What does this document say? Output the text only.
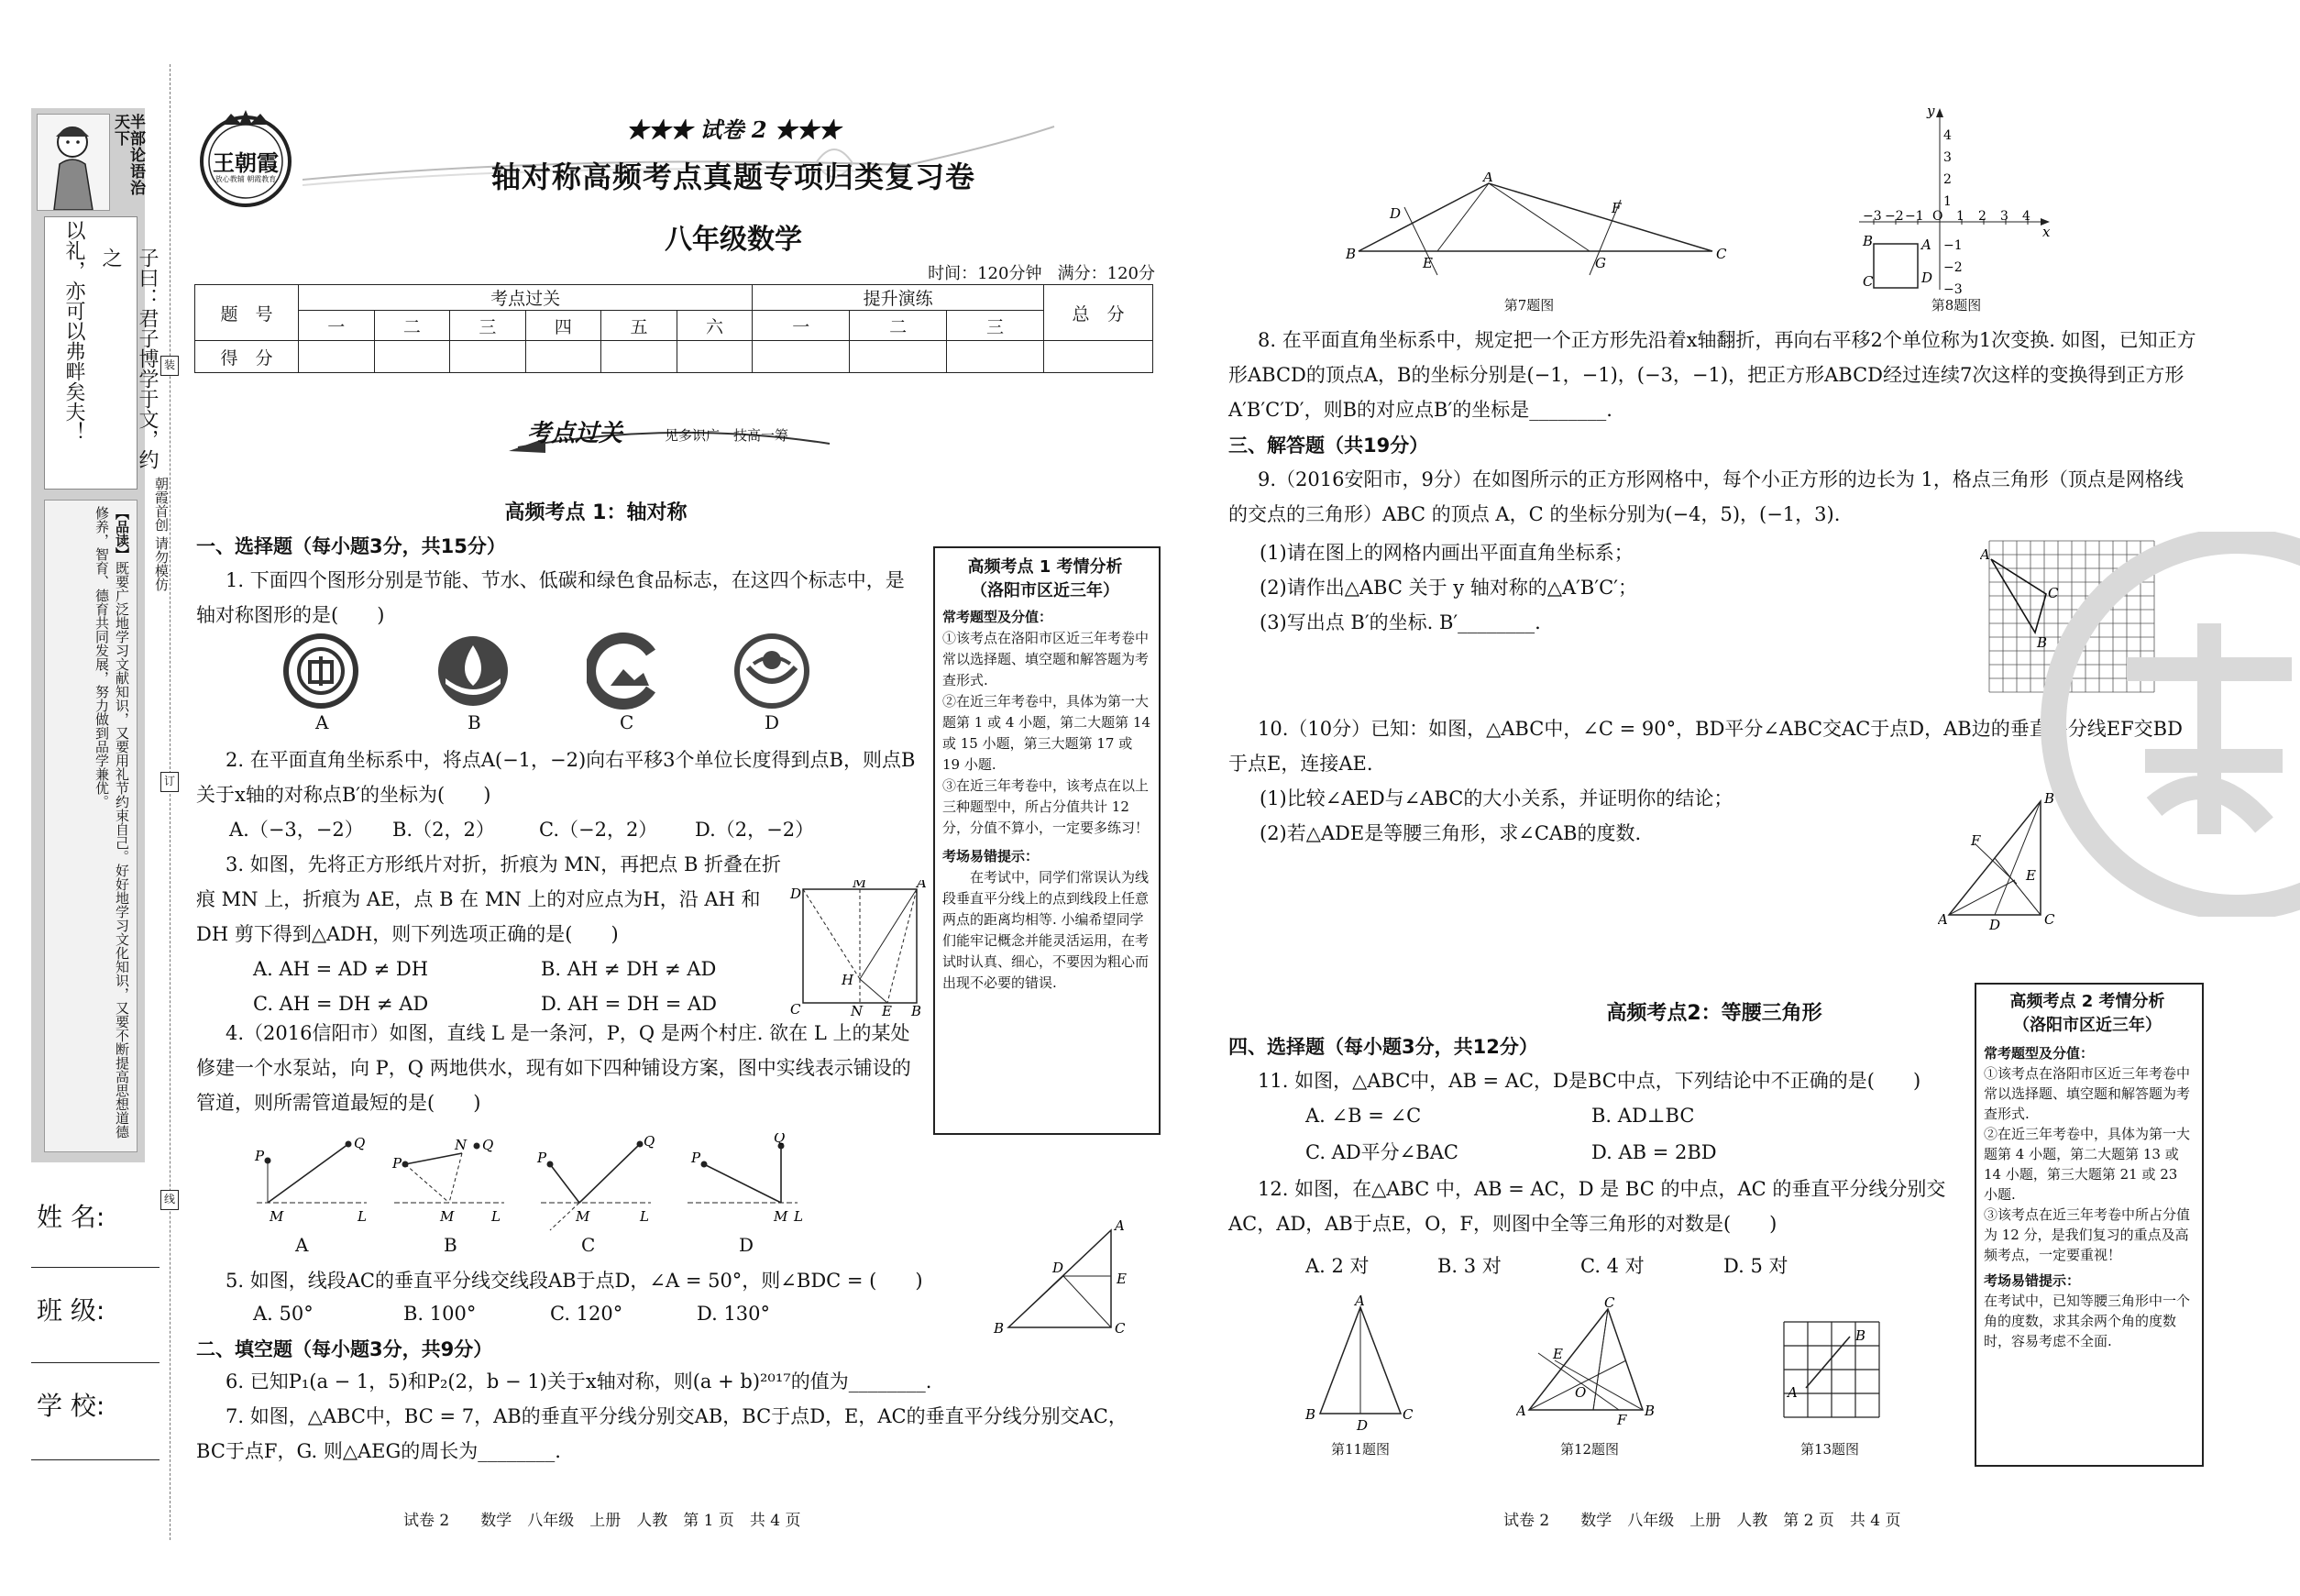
半部论语治天下
子曰：君子博学于文，约之
以礼，亦可以弗畔矣夫！
【品读】既要广泛地学习文献知识，又要用礼节约束自己。好好地学习文化知识，又要不断提高思想道德修养，智育、德育共同发展，努力做到品学兼优。
装
订
线
朝霞首创 请勿模仿
姓 名:
班 级:
学 校:
王朝霞
放心教辅 朝霞教育
★★★ 试卷 2 ★★★
轴对称高频考点真题专项归类复习卷
八年级数学
时间：120分钟   满分：120分
题　号	考点过关						提升演练			总　分
	一	二	三	四	五	六	一	二	三	
得　分										
考点过关	见多识广　技高一筹
高频考点 1：轴对称
一、选择题（每小题3分，共15分）
1. 下面四个图形分别是节能、节水、低碳和绿色食品标志，在这四个标志中，是轴对称图形的是(　　)
A	B	C	D
2. 在平面直角坐标系中，将点A(−1，−2)向右平移3个单位长度得到点B，则点B关于x轴的对称点B′的坐标为(　　)
A.（−3，−2） B.（2，2） C.（−2，2） D.（2，−2）
3. 如图，先将正方形纸片对折，折痕为 MN，再把点 B 折叠在折痕 MN 上，折痕为 AE，点 B 在 MN 上的对应点为H，沿 AH 和 DH 剪下得到△ADH，则下列选项正确的是(　　)
A. AH = AD ≠ DH	B. AH ≠ DH ≠ AD
C. AH = DH ≠ AD	D. AH = DH = AD
D
M	A
H
C	N E B
4.（2016信阳市）如图，直线 L 是一条河，P，Q 是两个村庄. 欲在 L 上的某处修建一个水泵站，向 P，Q 两地供水，现有如下四种铺设方案，图中实线表示铺设的管道，则所需管道最短的是(　　)
P
Q
M	L
P
Q
N
M	L
P
Q
M	L
P
Q
M L
A	B	C	D
5. 如图，线段AC的垂直平分线交线段AB于点D，∠A = 50°，则∠BDC = (　　)
A. 50°	B. 100°	C. 120°	D. 130°
A
D
E
B	C
二、填空题（每小题3分，共9分）
6. 已知P₁(a − 1，5)和P₂(2，b − 1)关于x轴对称，则(a + b)²⁰¹⁷的值为________.
7. 如图，△ABC中，BC = 7，AB的垂直平分线分别交AB，BC于点D，E，AC的垂直平分线分别交AC，BC于点F，G. 则△AEG的周长为________.
高频考点 1 考情分析
（洛阳市区近三年）
常考题型及分值：
①该考点在洛阳市区近三年考卷中常以选择题、填空题和解答题为考查形式.
②在近三年考卷中，具体为第一大题第 1 或 4 小题，第二大题第 14 或 15 小题，第三大题第 17 或 19 小题.
③在近三年考卷中，该考点在以上三种题型中，所占分值共计 12 分，分值不算小，一定要多练习！
考场易错提示：
在考试中，同学们常误认为线段垂直平分线上的点到线段上任意两点的距离均相等. 小编希望同学们能牢记概念并能灵活运用，在考试时认真、细心，不要因为粗心而出现不必要的错误.
试卷 2　　数学　八年级　上册　人教　第 1 页　共 4 页
A
B	C
D
E
F
G
第7题图
x
y
O 1 2 3 4
−1
−2
−3
1
2
3
4
−1
−2
−3
B	A
C	D
第8题图
8. 在平面直角坐标系中，规定把一个正方形先沿着x轴翻折，再向右平移2个单位称为1次变换. 如图，已知正方形ABCD的顶点A，B的坐标分别是(−1，−1)，(−3，−1)，把正方形ABCD经过连续7次这样的变换得到正方形A′B′C′D′，则B的对应点B′的坐标是________.
三、解答题（共19分）
9.（2016安阳市，9分）在如图所示的正方形网格中，每个小正方形的边长为 1，格点三角形（顶点是网格线的交点的三角形）ABC 的顶点 A，C 的坐标分别为(−4，5)，(−1，3).
(1)请在图上的网格内画出平面直角坐标系；
(2)请作出△ABC 关于 y 轴对称的△A′B′C′；
(3)写出点 B′的坐标. B′________.
A
C
B
10.（10分）已知：如图，△ABC中，∠C = 90°，BD平分∠ABC交AC于点D，AB边的垂直平分线EF交BD于点E，连接AE.
(1)比较∠AED与∠ABC的大小关系，并证明你的结论；
(2)若△ADE是等腰三角形，求∠CAB的度数.
B
F
E
A	D	C
高频考点2：等腰三角形
四、选择题（每小题3分，共12分）
11. 如图，△ABC中，AB = AC，D是BC中点，下列结论中不正确的是(　　)
A. ∠B = ∠C	B. AD⊥BC
C. AD平分∠BAC	D. AB = 2BD
12. 如图，在△ABC 中，AB = AC，D 是 BC 的中点，AC 的垂直平分线分别交AC，AD，AB于点E，O，F，则图中全等三角形的对数是(　　)
A. 2 对	B. 3 对	C. 4 对	D. 5 对
A
B
D
C
第11题图
C
E
O
A
F
B
第12题图
A
B
第13题图
高频考点 2 考情分析
（洛阳市区近三年）
常考题型及分值：
①该考点在洛阳市区近三年考卷中常以选择题、填空题和解答题为考查形式.
②在近三年考卷中，具体为第一大题第 4 小题，第二大题第 13 或 14 小题，第三大题第 21 或 23 小题.
③该考点在近三年考卷中所占分值为 12 分，是我们复习的重点及高频考点，一定要重视！
考场易错提示：
在考试中，已知等腰三角形中一个角的度数，求其余两个角的度数时，容易考虑不全面.
试卷 2　　数学　八年级　上册　人教　第 2 页　共 4 页
